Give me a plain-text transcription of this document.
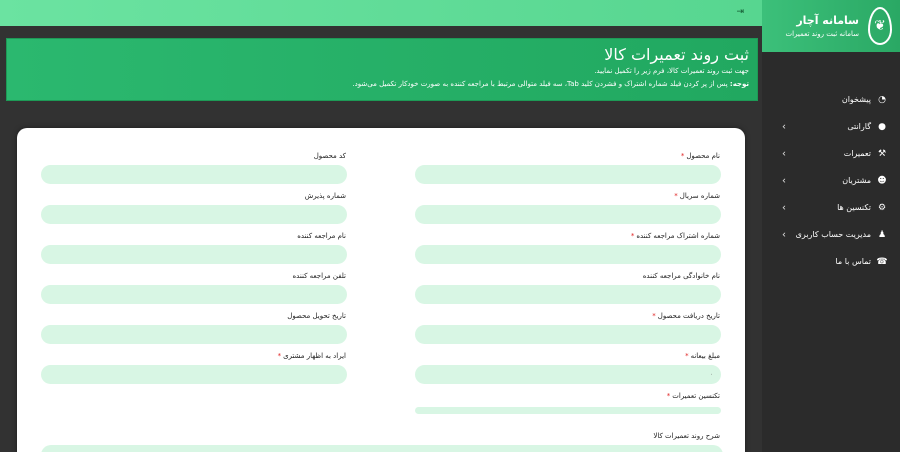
⇥
❦
سامانه آچار
سامانه ثبت روند تعمیرات
◔
پیشخوان
●
گارانتی
›
⚒
تعمیرات
›
☻
مشتریان
›
⚙
تکنسین ها
›
♟
مدیریت حساب کاربری
›
☎
تماس با ما
ثبت روند تعمیرات کالا
جهت ثبت روند تعمیرات کالا، فرم زیر را تکمیل نمایید.
توجه: پس از پر کردن فیلد شماره اشتراک و فشردن کلید Tab، سه فیلد متوالی مرتبط با مراجعه کننده به صورت خودکار تکمیل می‌شود.
نام محصول*
شماره سریال*
شماره اشتراک مراجعه کننده*
نام خانوادگی مراجعه کننده
تاریخ دریافت محصول*
مبلغ بیعانه*
۰
تکنسین تعمیرات*
کد محصول
شماره پذیرش
نام مراجعه کننده
تلفن مراجعه کننده
تاریخ تحویل محصول
ایراد به اظهار مشتری*
شرح روند تعمیرات کالا
